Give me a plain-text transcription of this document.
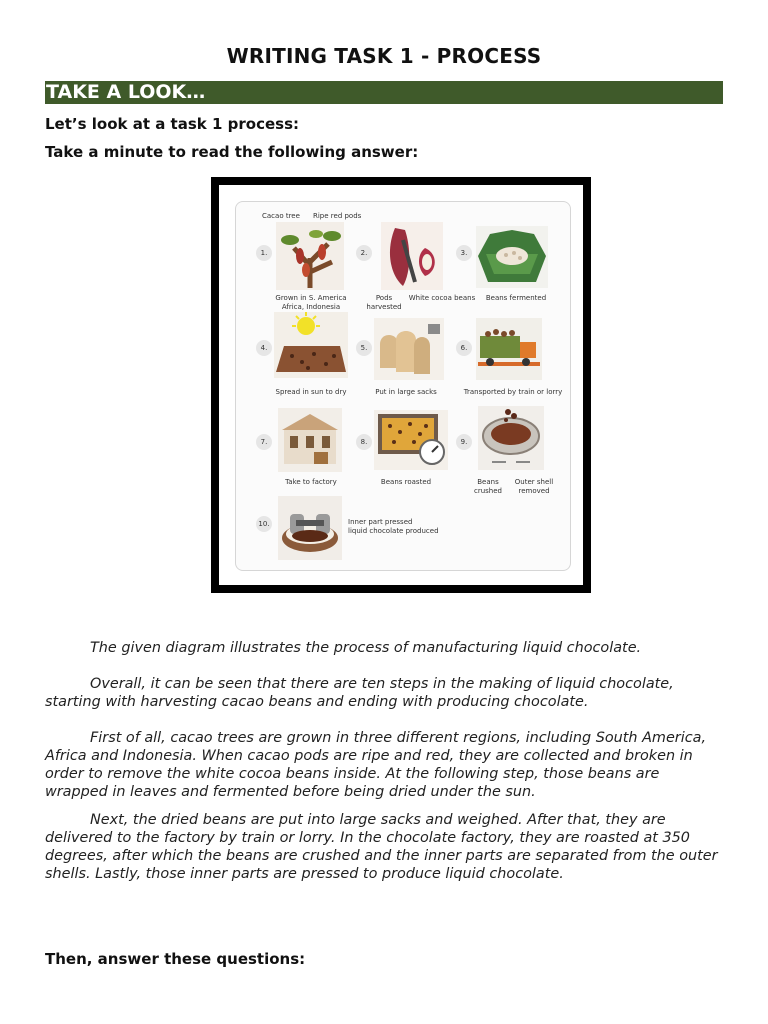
WRITING TASK 1 - PROCESS
TAKE A LOOK…
Let’s look at a task 1 process:
Take a minute to read the following answer:
Cacao tree Ripe red pods
1.
Grown in S. America
Africa, Indonesia
2.
Pods
harvested
White cocoa beans
3.
Beans fermented
4.
Spread in sun to dry
5.
Put in large sacks
6.
Transported by train or lorry
7.
Take to factory
8.
Beans roasted
9.
Beans
crushed
Outer shell
removed
10.	Inner part pressed
liquid chocolate produced
The given diagram illustrates the process of manufacturing liquid chocolate.
Overall, it can be seen that there are ten steps in the making of liquid chocolate, starting with harvesting cacao beans and ending with producing chocolate.
First of all, cacao trees are grown in three different regions, including South America, Africa and Indonesia. When cacao pods are ripe and red, they are collected and broken in order to remove the white cocoa beans inside. At the following step, those beans are wrapped in leaves and fermented before being dried under the sun.
Next, the dried beans are put into large sacks and weighed. After that, they are delivered to the factory by train or lorry. In the chocolate factory, they are roasted at 350 degrees, after which the beans are crushed and the inner parts are separated from the outer shells. Lastly, those inner parts are pressed to produce liquid chocolate.
Then, answer these questions:
